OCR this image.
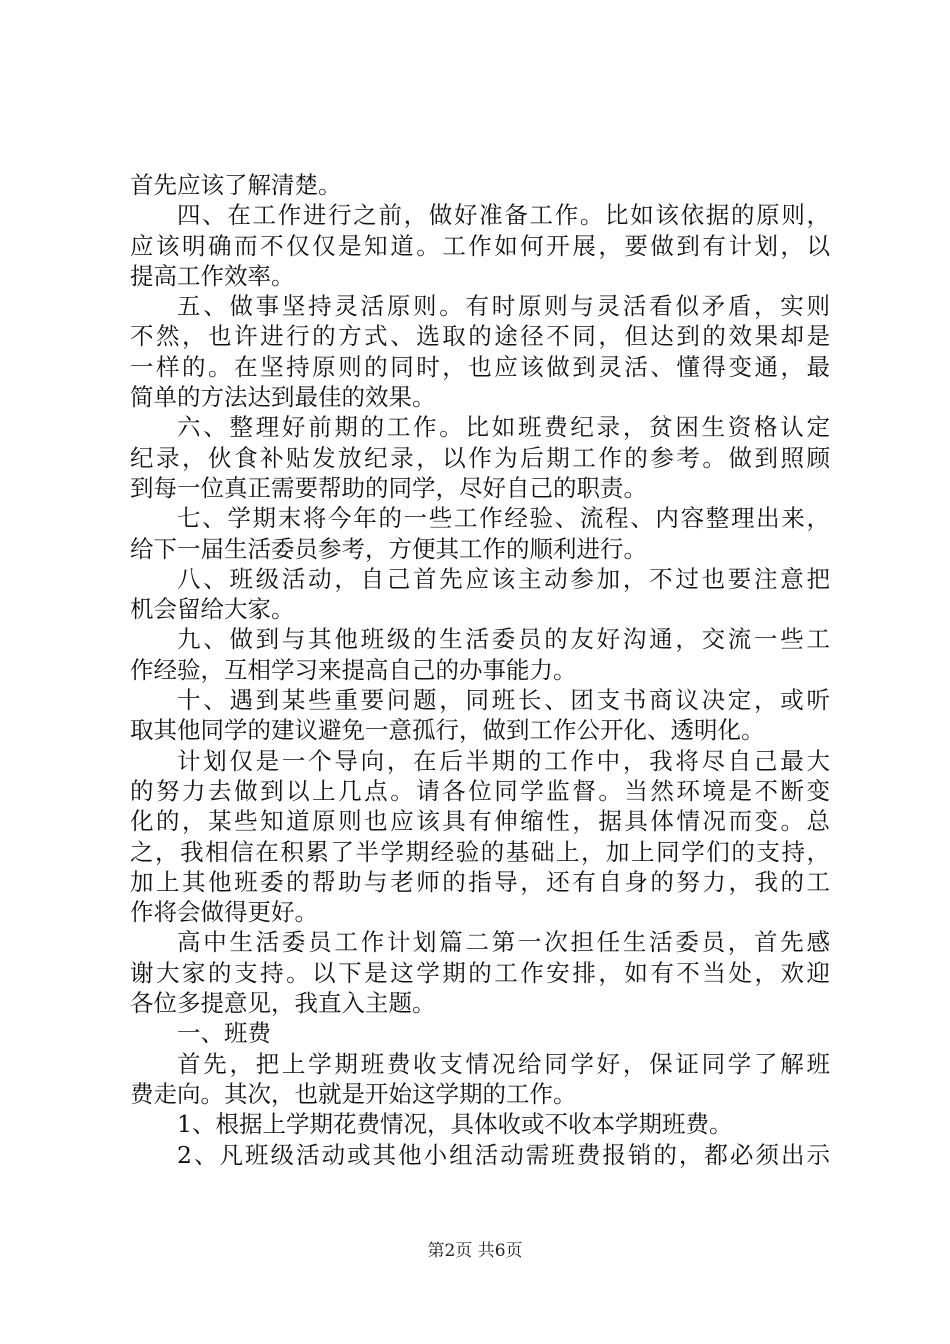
首先应该了解清楚。
四、在工作进行之前，做好准备工作。比如该依据的原则，
应该明确而不仅仅是知道。工作如何开展，要做到有计划，以
提高工作效率。
五、做事坚持灵活原则。有时原则与灵活看似矛盾，实则
不然，也许进行的方式、选取的途径不同，但达到的效果却是
一样的。在坚持原则的同时，也应该做到灵活、懂得变通，最
简单的方法达到最佳的效果。
六、整理好前期的工作。比如班费纪录，贫困生资格认定
纪录，伙食补贴发放纪录，以作为后期工作的参考。做到照顾
到每一位真正需要帮助的同学，尽好自己的职责。
七、学期末将今年的一些工作经验、流程、内容整理出来，
给下一届生活委员参考，方便其工作的顺利进行。
八、班级活动，自己首先应该主动参加，不过也要注意把
机会留给大家。
九、做到与其他班级的生活委员的友好沟通，交流一些工
作经验，互相学习来提高自己的办事能力。
十、遇到某些重要问题，同班长、团支书商议决定，或听
取其他同学的建议避免一意孤行，做到工作公开化、透明化。
计划仅是一个导向，在后半期的工作中，我将尽自己最大
的努力去做到以上几点。请各位同学监督。当然环境是不断变
化的，某些知道原则也应该具有伸缩性，据具体情况而变。总
之，我相信在积累了半学期经验的基础上，加上同学们的支持，
加上其他班委的帮助与老师的指导，还有自身的努力，我的工
作将会做得更好。
高中生活委员工作计划篇二第一次担任生活委员，首先感
谢大家的支持。以下是这学期的工作安排，如有不当处，欢迎
各位多提意见，我直入主题。
一、班费
首先，把上学期班费收支情况给同学好，保证同学了解班
费走向。其次，也就是开始这学期的工作。
1、根据上学期花费情况，具体收或不收本学期班费。
2、凡班级活动或其他小组活动需班费报销的，都必须出示
第2页 共6页
